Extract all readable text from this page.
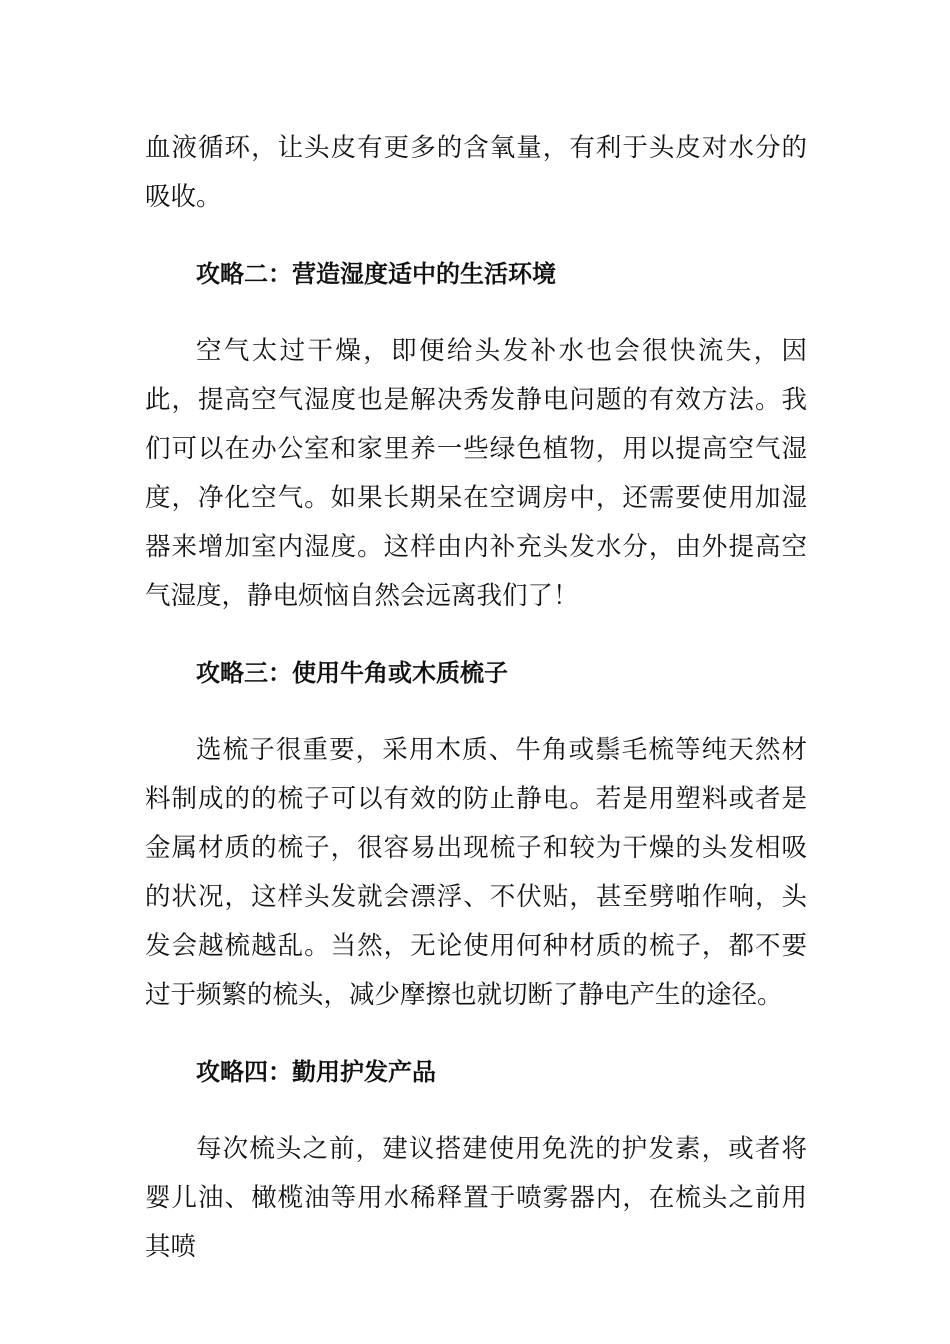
血液循环，让头皮有更多的含氧量，有利于头皮对水分的吸收。

攻略二：营造湿度适中的生活环境

空气太过干燥，即便给头发补水也会很快流失，因此，提高空气湿度也是解决秀发静电问题的有效方法。我们可以在办公室和家里养一些绿色植物，用以提高空气湿度，净化空气。如果长期呆在空调房中，还需要使用加湿器来增加室内湿度。这样由内补充头发水分，由外提高空气湿度，静电烦恼自然会远离我们了！

攻略三：使用牛角或木质梳子

选梳子很重要，采用木质、牛角或鬃毛梳等纯天然材料制成的的梳子可以有效的防止静电。若是用塑料或者是金属材质的梳子，很容易出现梳子和较为干燥的头发相吸的状况，这样头发就会漂浮、不伏贴，甚至劈啪作响，头发会越梳越乱。当然，无论使用何种材质的梳子，都不要过于频繁的梳头，减少摩擦也就切断了静电产生的途径。

攻略四：勤用护发产品

每次梳头之前，建议搭建使用免洗的护发素，或者将婴儿油、橄榄油等用水稀释置于喷雾器内，在梳头之前用其喷
